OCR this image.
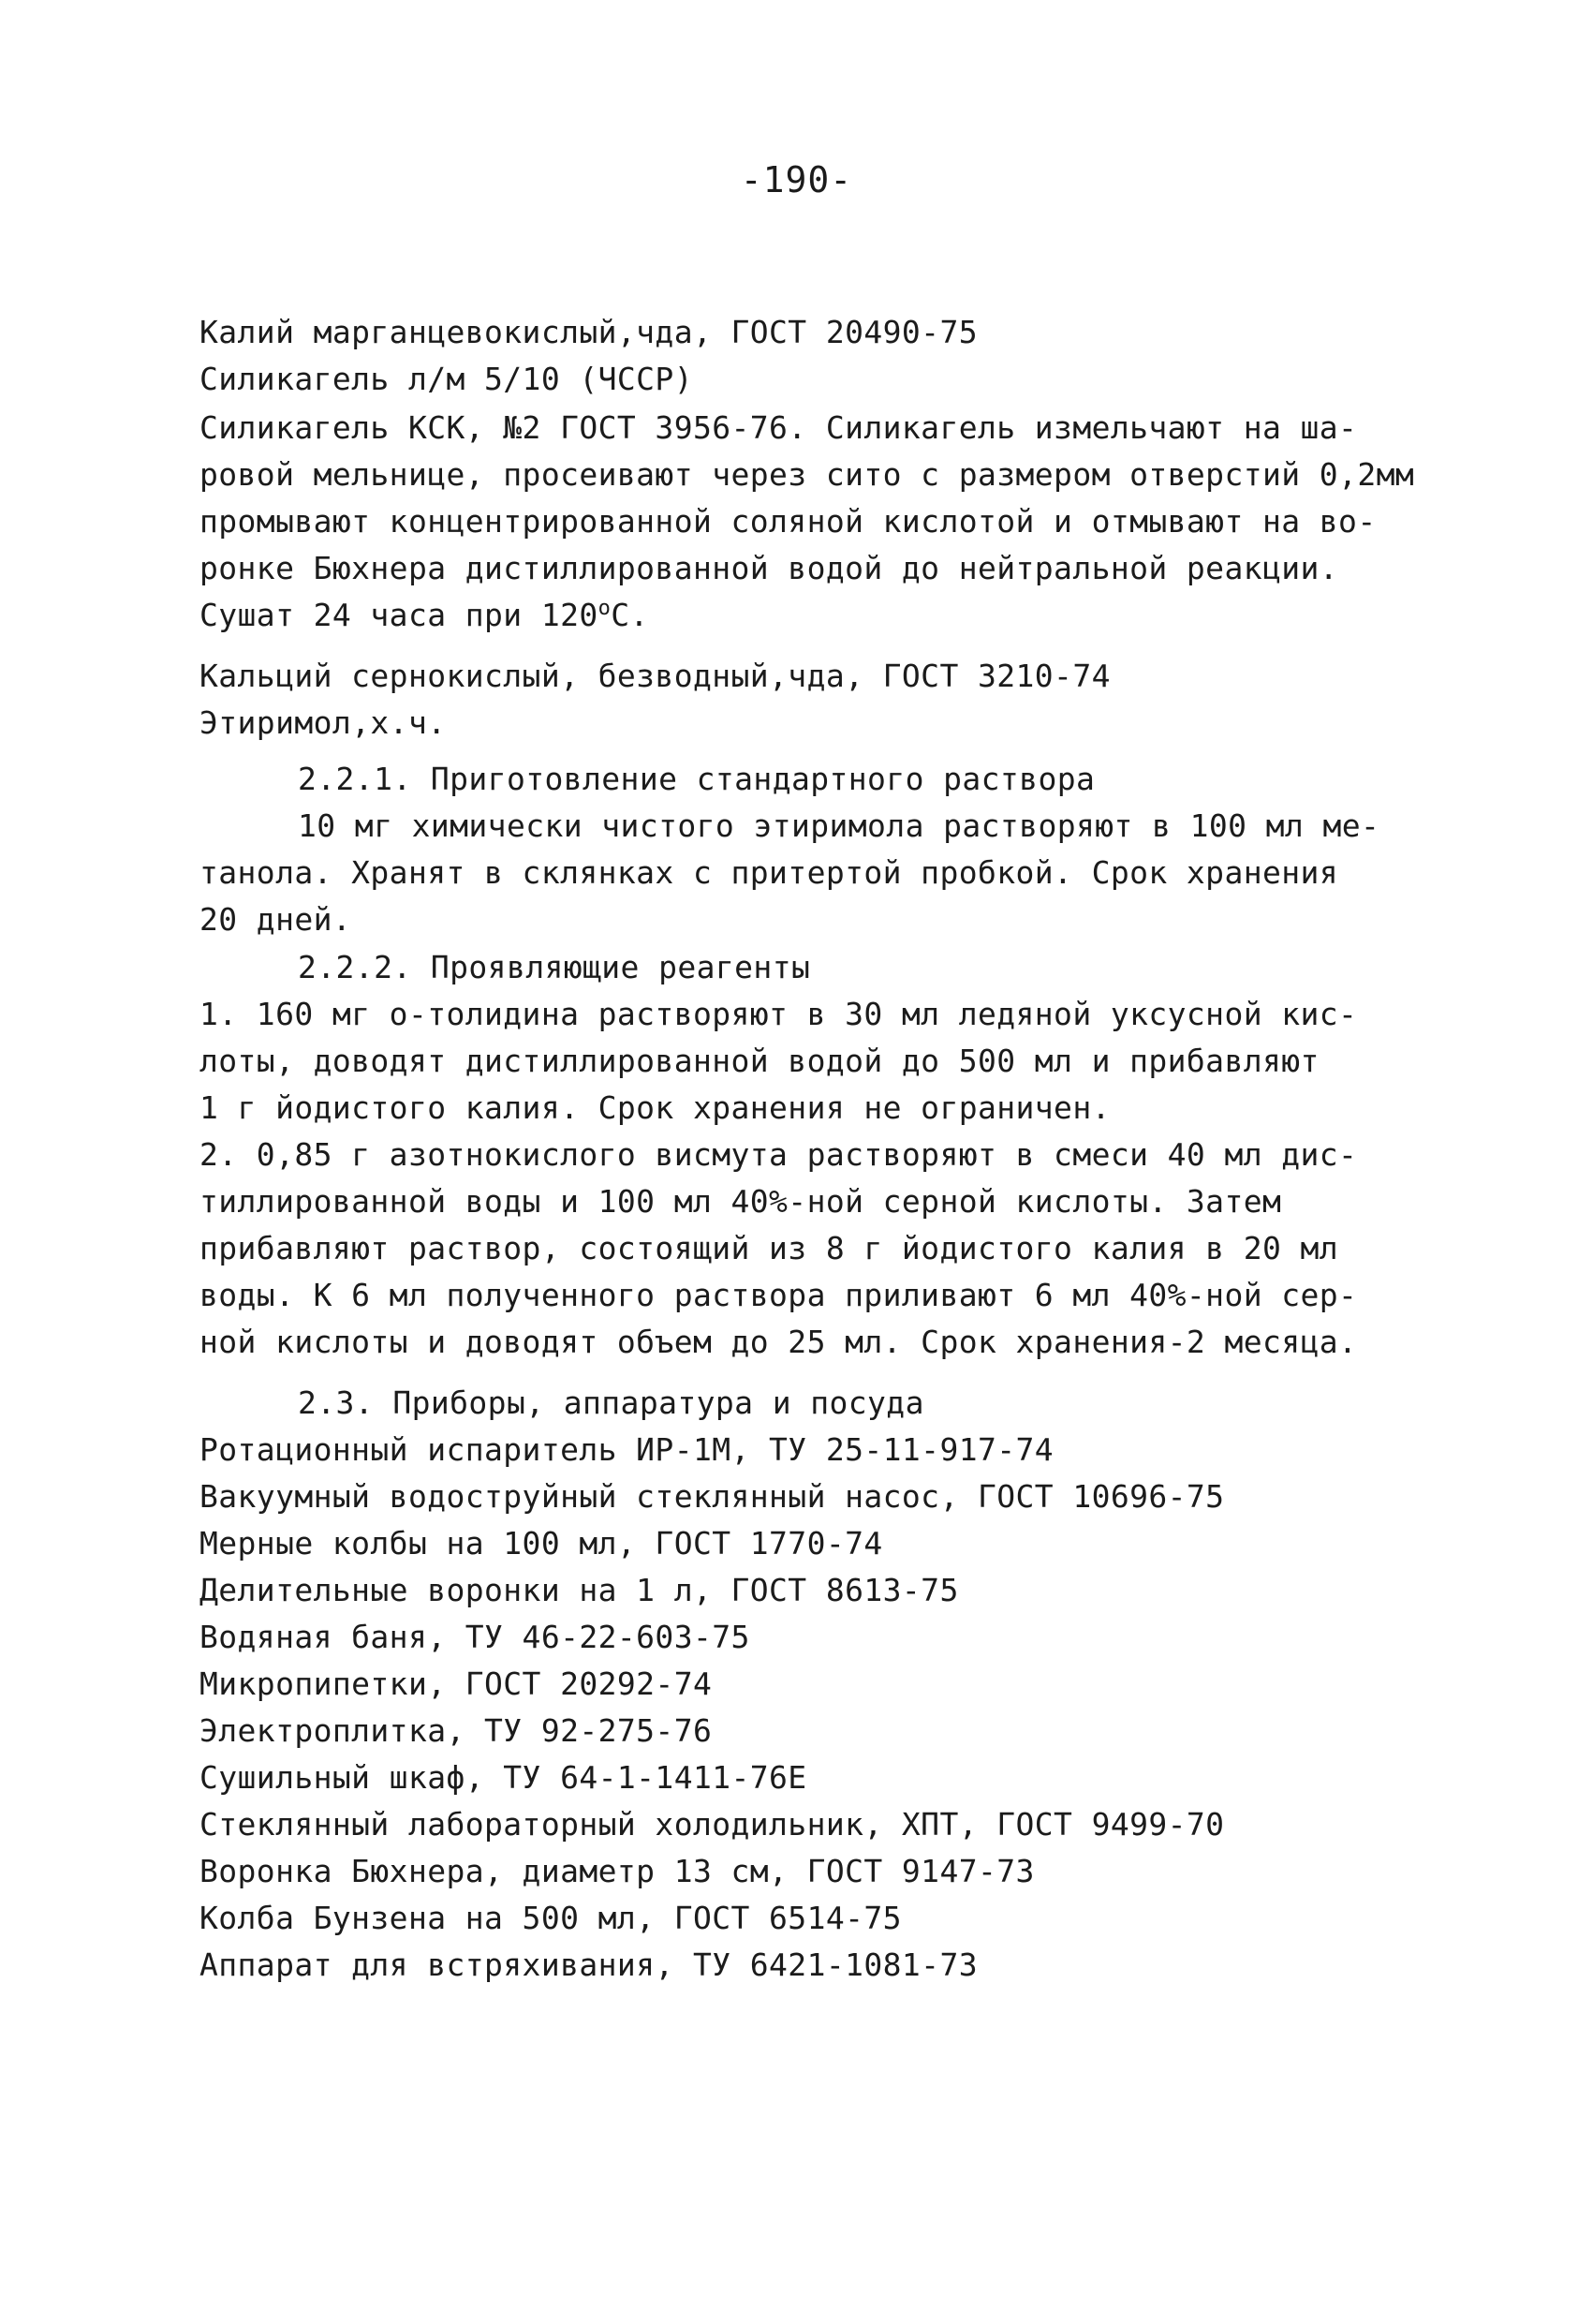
-190-
Калий марганцевокислый,чда, ГОСТ 20490-75
Силикагель л/м 5/10 (ЧССР)
Силикагель КСК, №2 ГОСТ 3956-76. Силикагель измельчают на ша-
ровой мельнице, просеивают через сито с размером отверстий 0,2мм
промывают концентрированной соляной кислотой и отмывают на во-
ронке Бюхнера дистиллированной водой до нейтральной реакции.
Сушат 24 часа при 120$^o$С.
Кальций сернокислый, безводный,чда, ГОСТ 3210-74
Этиримол,х.ч.
2.2.1. Приготовление стандартного раствора
10 мг химически чистого этиримола растворяют в 100 мл ме-
танола. Хранят в склянках с притертой пробкой. Срок хранения
20 дней.
2.2.2. Проявляющие реагенты
1. 160 мг о-толидина растворяют в 30 мл ледяной уксусной кис-
лоты, доводят дистиллированной водой до 500 мл и прибавляют
1 г йодистого калия. Срок хранения не ограничен.
2. 0,85 г азотнокислого висмута растворяют в смеси 40 мл дис-
тиллированной воды и 100 мл 40%-ной серной кислоты. Затем
прибавляют раствор, состоящий из 8 г йодистого калия в 20 мл
воды. К 6 мл полученного раствора приливают 6 мл 40%-ной сер-
ной кислоты и доводят объем до 25 мл. Срок хранения-2 месяца.
2.3. Приборы, аппаратура и посуда
Ротационный испаритель ИР-1М, ТУ 25-11-917-74
Вакуумный водоструйный стеклянный насос, ГОСТ 10696-75
Мерные колбы на 100 мл, ГОСТ 1770-74
Делительные воронки на 1 л, ГОСТ 8613-75
Водяная баня, ТУ 46-22-603-75
Микропипетки, ГОСТ 20292-74
Электроплитка, ТУ 92-275-76
Сушильный шкаф, ТУ 64-1-1411-76Е
Стеклянный лабораторный холодильник, ХПТ, ГОСТ 9499-70
Воронка Бюхнера, диаметр 13 см, ГОСТ 9147-73
Колба Бунзена на 500 мл, ГОСТ 6514-75
Аппарат для встряхивания, ТУ 6421-1081-73
